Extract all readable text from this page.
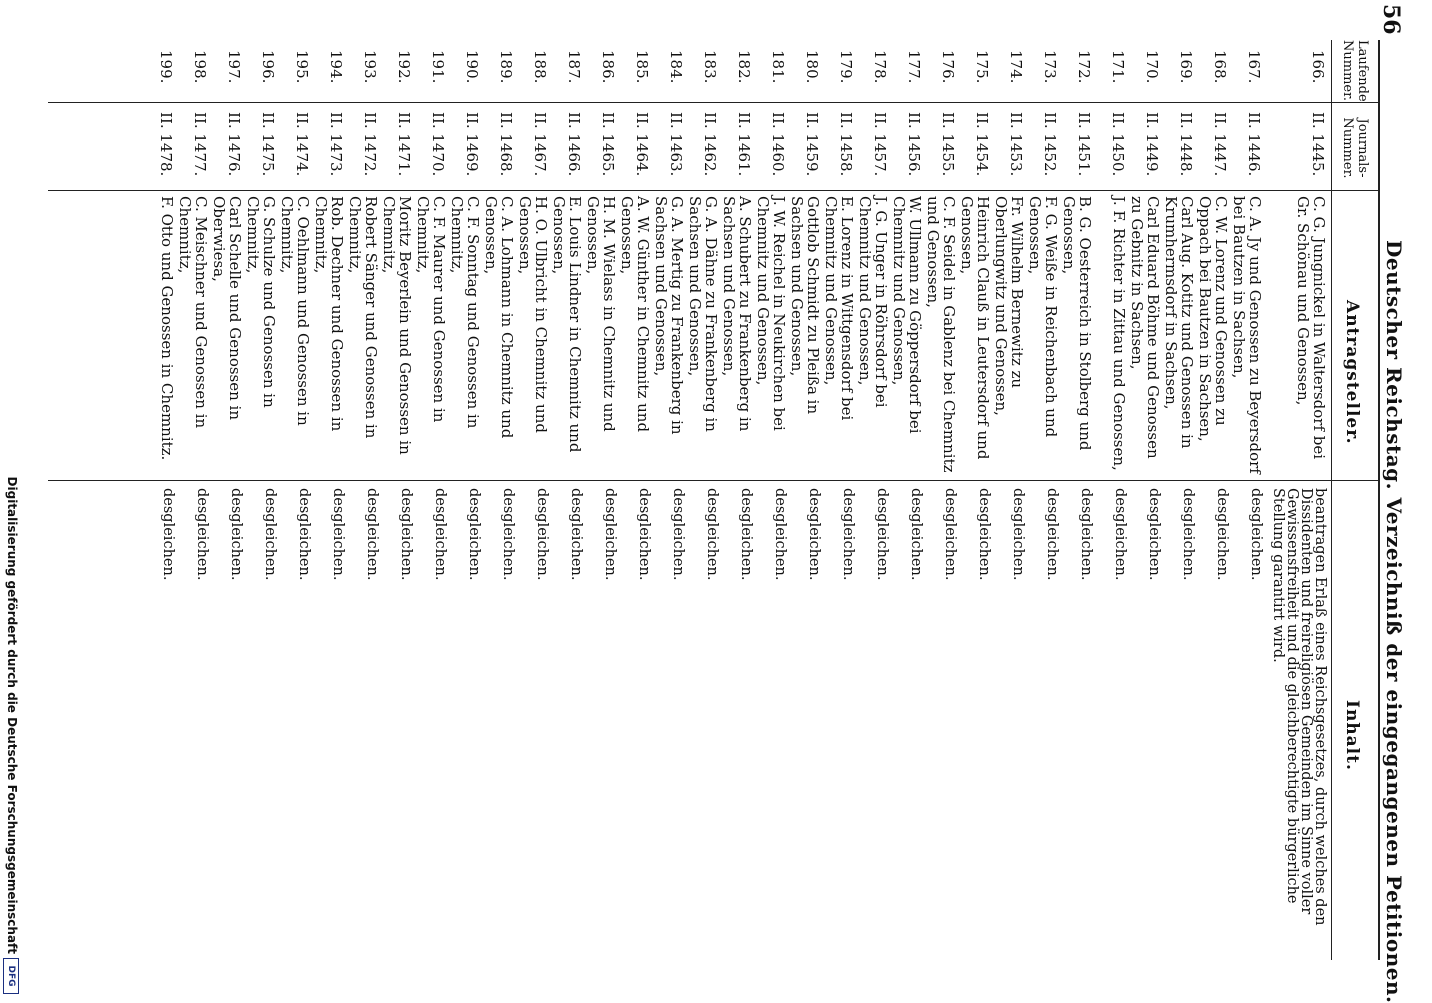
56
Deutscher Reichstag. Verzeichniß der eingegangenen Petitionen.
Laufende
Nummer.
Journals-
Nummer.
Antragsteller.
Inhalt.
166.
II. 1445.
C. G. Jungnickel in Waltersdorf bei Gr. Schönau und Genossen,
beantragen Erlaß eines Reichsgesetzes, durch welches den Dissidenten und freireligiösen Gemeinden im Sinne voller Gewissensfreiheit und die gleichberechtigte bürgerliche Stellung garantirt wird.
167.
II. 1446.
C. A. Jy und Genossen zu Beyersdorf bei Bautzen in Sachsen,
desgleichen.
168.
II. 1447.
C. W. Lorenz und Genossen zu Oppach bei Bautzen in Sachsen,
desgleichen.
169.
II. 1448.
Carl Aug. Kotitz und Genossen in Krumhermsdorf in Sachsen,
desgleichen.
170.
II. 1449.
Carl Eduard Böhme und Genossen zu Gebnitz in Sachsen,
desgleichen.
171.
II. 1450.
J. F. Richter in Zittau und Genossen,
desgleichen.
172.
II. 1451.
B. G. Oesterreich in Stolberg und Genossen,
desgleichen.
173.
II. 1452.
F. G. Weiße in Reichenbach und Genossen,
desgleichen.
174.
II. 1453.
Fr. Wilhelm Bernewitz zu Oberlungwitz und Genossen,
desgleichen.
175.
II. 1454.
Heinrich Clauß in Leutersdorf und Genossen,
desgleichen.
176.
II. 1455.
C. F. Seidel in Gablenz bei Chemnitz und Genossen,
desgleichen.
177.
II. 1456.
W. Ullmann zu Göppersdorf bei Chemnitz und Genossen,
desgleichen.
178.
II. 1457.
J. G. Unger in Röhrsdorf bei Chemnitz und Genossen,
desgleichen.
179.
II. 1458.
E. Lorenz in Wittgensdorf bei Chemnitz und Genossen,
desgleichen.
180.
II. 1459.
Gottlob Schmidt zu Pleißa in Sachsen und Genossen,
desgleichen.
181.
II. 1460.
J. W. Reichel in Neukirchen bei Chemnitz und Genossen,
desgleichen.
182.
II. 1461.
A. Schubert zu Frankenberg in Sachsen und Genossen,
desgleichen.
183.
II. 1462.
G. A. Dähne zu Frankenberg in Sachsen und Genossen,
desgleichen.
184.
II. 1463.
G. A. Mertig zu Frankenberg in Sachsen und Genossen,
desgleichen.
185.
II. 1464.
A. W. Günther in Chemnitz und Genossen,
desgleichen.
186.
II. 1465.
H. M. Wielass in Chemnitz und Genossen,
desgleichen.
187.
II. 1466.
E. Louis Lindner in Chemnitz und Genossen,
desgleichen.
188.
II. 1467.
H. O. Ulbricht in Chemnitz und Genossen,
desgleichen.
189.
II. 1468.
C. A. Lohmann in Chemnitz und Genossen,
desgleichen.
190.
II. 1469.
C. F. Sonntag und Genossen in Chemnitz,
desgleichen.
191.
II. 1470.
C. F. Maurer und Genossen in Chemnitz,
desgleichen.
192.
II. 1471.
Moritz Beyerlein und Genossen in Chemnitz,
desgleichen.
193.
II. 1472.
Robert Sänger und Genossen in Chemnitz,
desgleichen.
194.
II. 1473.
Rob. Dechner und Genossen in Chemnitz,
desgleichen.
195.
II. 1474.
C. Oehlmann und Genossen in Chemnitz,
desgleichen.
196.
II. 1475.
G. Schulze und Genossen in Chemnitz,
desgleichen.
197.
II. 1476.
Carl Schelle und Genossen in Oberwiesa,
desgleichen.
198.
II. 1477.
C. Meischner und Genossen in Chemnitz,
desgleichen.
199.
II. 1478.
F. Otto und Genossen in Chemnitz.
desgleichen.
Digitalisierung gefördert durch die Deutsche Forschungsgemeinschaft
DFG
